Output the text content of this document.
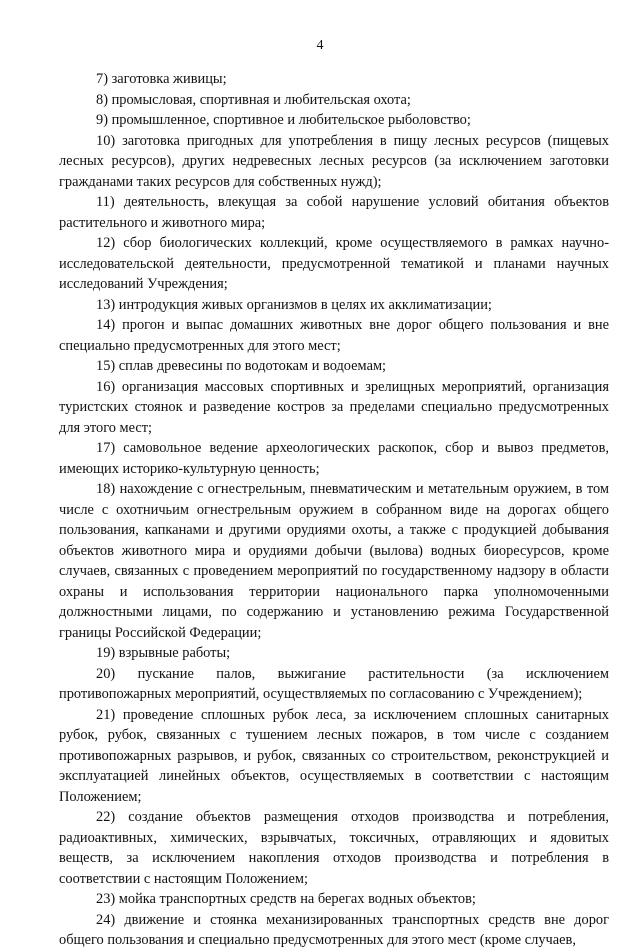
4

7) заготовка живицы;

8) промысловая, спортивная и любительская охота;

9) промышленное, спортивное и любительское рыболовство;

10) заготовка пригодных для употребления в пищу лесных ресурсов (пищевых лесных ресурсов), других недревесных лесных ресурсов (за исключением заготовки гражданами таких ресурсов для собственных нужд);

11) деятельность, влекущая за собой нарушение условий обитания объектов растительного и животного мира;

12) сбор биологических коллекций, кроме осуществляемого в рамках научно-исследовательской деятельности, предусмотренной тематикой и планами научных исследований Учреждения;

13) интродукция живых организмов в целях их акклиматизации;

14) прогон и выпас домашних животных вне дорог общего пользования и вне специально предусмотренных для этого мест;

15) сплав древесины по водотокам и водоемам;

16) организация массовых спортивных и зрелищных мероприятий, организация туристских стоянок и разведение костров за пределами специально предусмотренных для этого мест;

17) самовольное ведение археологических раскопок, сбор и вывоз предметов, имеющих историко-культурную ценность;

18) нахождение с огнестрельным, пневматическим и метательным оружием, в том числе с охотничьим огнестрельным оружием в собранном виде на дорогах общего пользования, капканами и другими орудиями охоты, а также с продукцией добывания объектов животного мира и орудиями добычи (вылова) водных биоресурсов, кроме случаев, связанных с проведением мероприятий по государственному надзору в области охраны и использования территории национального парка уполномоченными должностными лицами, по содержанию и установлению режима Государственной границы Российской Федерации;

19) взрывные работы;

20) пускание палов, выжигание растительности (за исключением противопожарных мероприятий, осуществляемых по согласованию с Учреждением);

21) проведение сплошных рубок леса, за исключением сплошных санитарных рубок, рубок, связанных с тушением лесных пожаров, в том числе с созданием противопожарных разрывов, и рубок, связанных со строительством, реконструкцией и эксплуатацией линейных объектов, осуществляемых в соответствии с настоящим Положением;

22) создание объектов размещения отходов производства и потребления, радиоактивных, химических, взрывчатых, токсичных, отравляющих и ядовитых веществ, за исключением накопления отходов производства и потребления в соответствии с настоящим Положением;

23) мойка транспортных средств на берегах водных объектов;

24) движение и стоянка механизированных транспортных средств вне дорог общего пользования и специально предусмотренных для этого мест (кроме случаев,
